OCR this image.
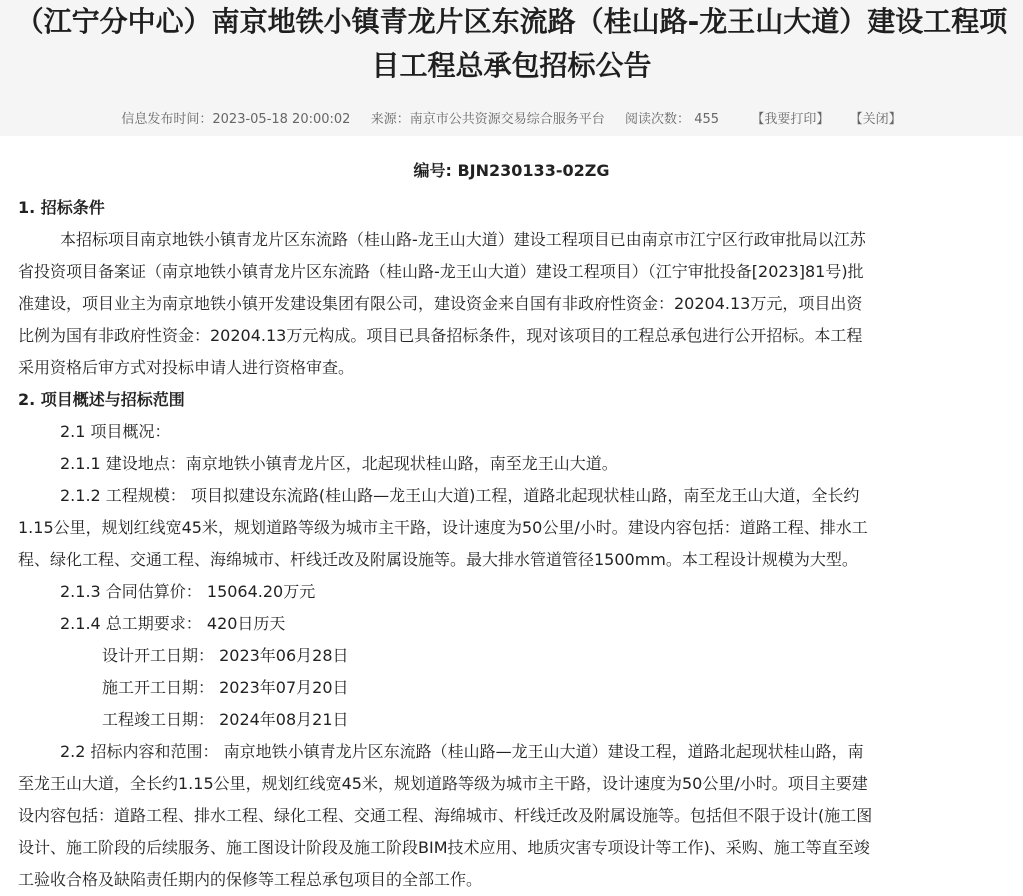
（江宁分中心）南京地铁小镇青龙片区东流路（桂山路-龙王山大道）建设工程项
目工程总承包招标公告
信息发布时间：2023-05-18 20:00:02 来源：南京市公共资源交易综合服务平台 阅读次数： 455 【我要打印】 【关闭】
编号: BJN230133-02ZG
1. 招标条件
本招标项目南京地铁小镇青龙片区东流路（桂山路-龙王山大道）建设工程项目已由南京市江宁区行政审批局以江苏
省投资项目备案证（南京地铁小镇青龙片区东流路（桂山路-龙王山大道）建设工程项目）（江宁审批投备[2023]81号)批
准建设，项目业主为南京地铁小镇开发建设集团有限公司，建设资金来自国有非政府性资金：20204.13万元，项目出资
比例为国有非政府性资金：20204.13万元构成。项目已具备招标条件，现对该项目的工程总承包进行公开招标。本工程
采用资格后审方式对投标申请人进行资格审查。
2. 项目概述与招标范围
2.1 项目概况：
2.1.1 建设地点：南京地铁小镇青龙片区，北起现状桂山路，南至龙王山大道。
2.1.2 工程规模： 项目拟建设东流路(桂山路—龙王山大道)工程，道路北起现状桂山路，南至龙王山大道，全长约
1.15公里，规划红线宽45米，规划道路等级为城市主干路，设计速度为50公里/小时。建设内容包括：道路工程、排水工
程、绿化工程、交通工程、海绵城市、杆线迁改及附属设施等。最大排水管道管径1500mm。本工程设计规模为大型。
2.1.3 合同估算价： 15064.20万元
2.1.4 总工期要求： 420日历天
设计开工日期： 2023年06月28日
施工开工日期： 2023年07月20日
工程竣工日期： 2024年08月21日
2.2 招标内容和范围： 南京地铁小镇青龙片区东流路（桂山路—龙王山大道）建设工程，道路北起现状桂山路，南
至龙王山大道，全长约1.15公里，规划红线宽45米，规划道路等级为城市主干路，设计速度为50公里/小时。项目主要建
设内容包括：道路工程、排水工程、绿化工程、交通工程、海绵城市、杆线迁改及附属设施等。包括但不限于设计(施工图
设计、施工阶段的后续服务、施工图设计阶段及施工阶段BIM技术应用、地质灾害专项设计等工作)、采购、施工等直至竣
工验收合格及缺陷责任期内的保修等工程总承包项目的全部工作。
